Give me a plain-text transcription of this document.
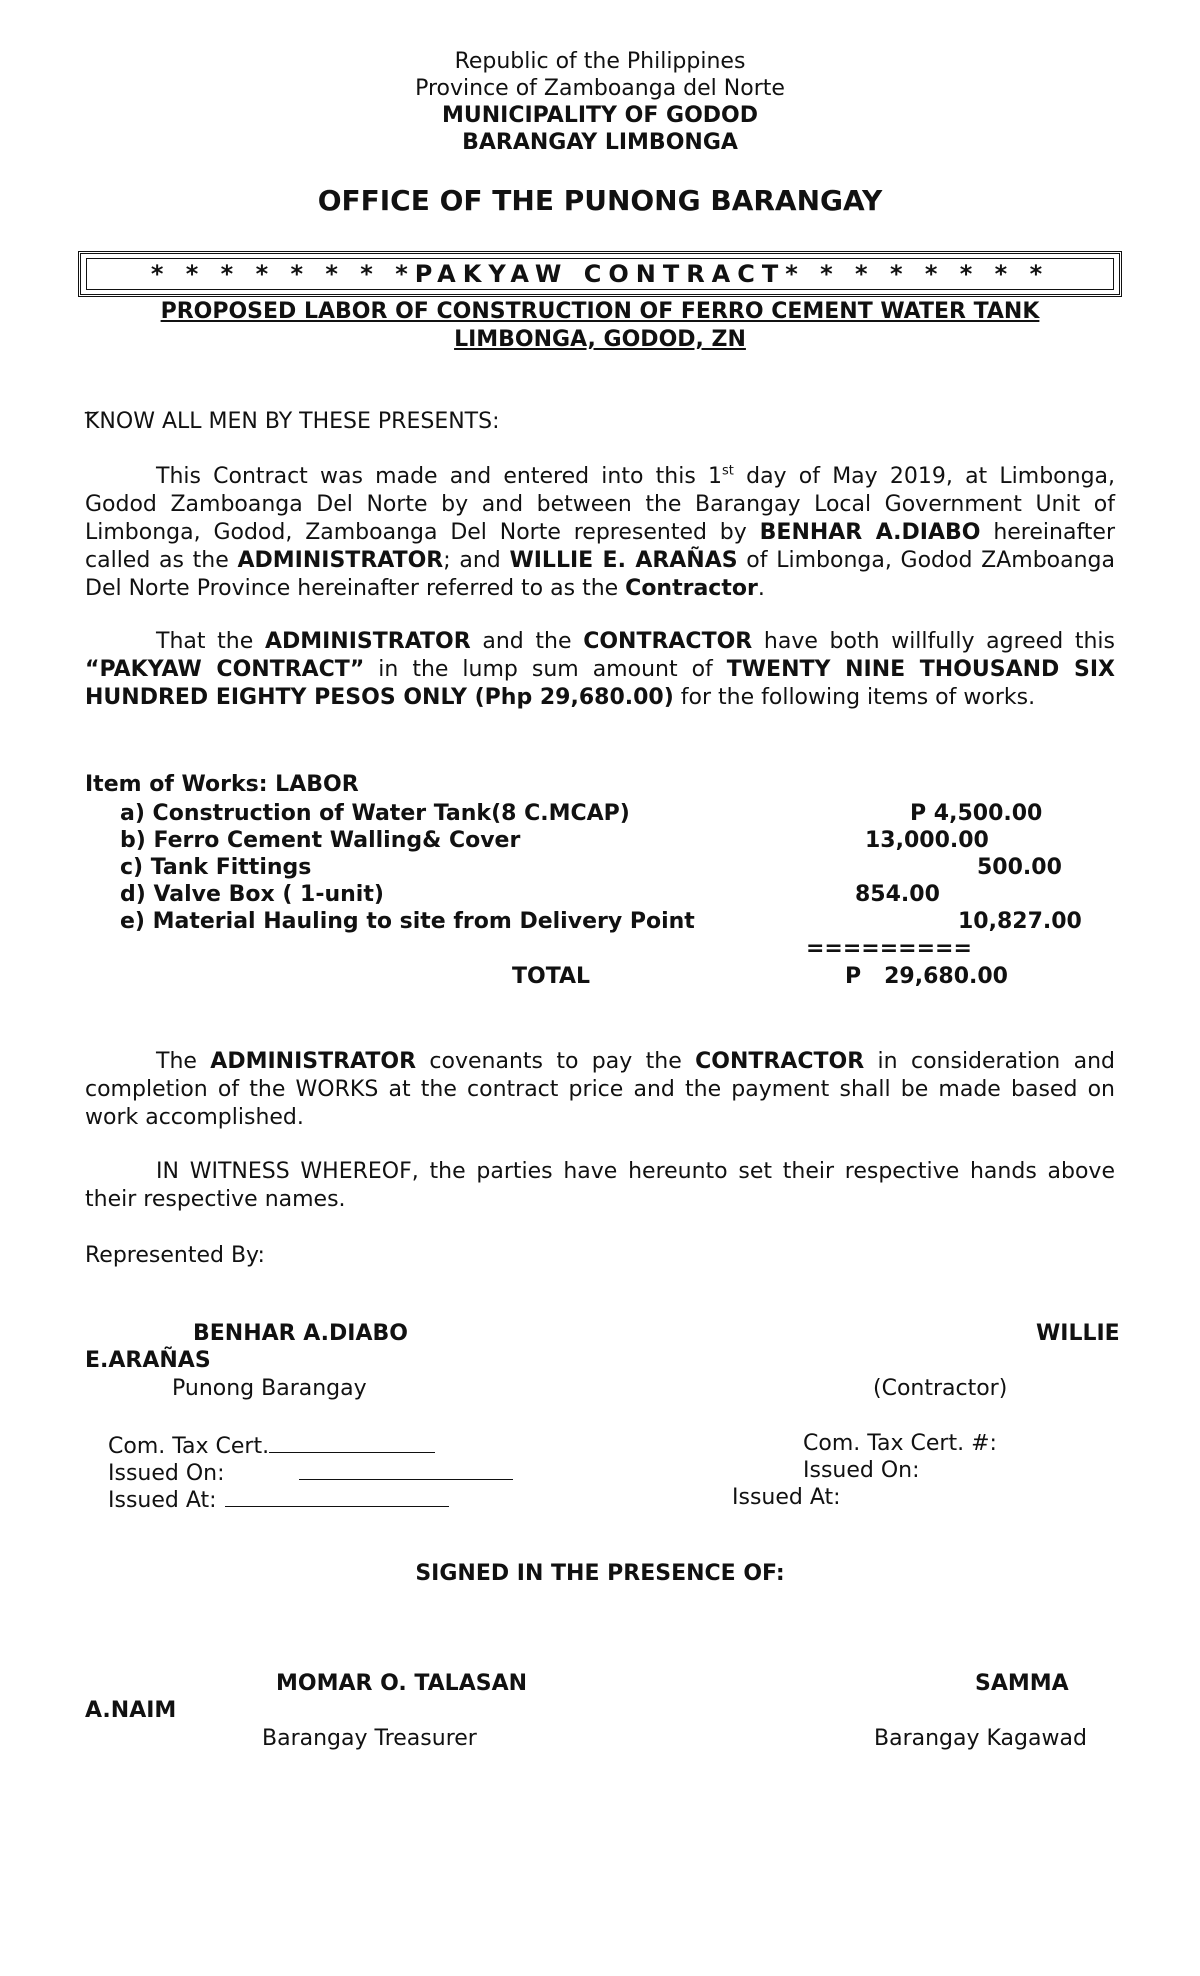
Republic of the Philippines
Province of Zamboanga del Norte
MUNICIPALITY OF GODOD
BARANGAY LIMBONGA
OFFICE OF THE PUNONG BARANGAY
* * * * * * * *PAKYAW CONTRACT* * * * * * * *
PROPOSED LABOR OF CONSTRUCTION OF FERRO CEMENT WATER TANK
LIMBONGA, GODOD, ZN
_
KNOW ALL MEN BY THESE PRESENTS:
This Contract was made and entered into this 1st day of May 2019, at Limbonga, Godod Zamboanga Del Norte by and between the Barangay Local Government Unit of Limbonga, Godod, Zamboanga Del Norte represented by BENHAR A.DIABO hereinafter called as the ADMINISTRATOR; and WILLIE E. ARAÑAS of Limbonga, Godod ZAmboanga Del Norte Province hereinafter referred to as the Contractor.
That the ADMINISTRATOR and the CONTRACTOR have both willfully agreed this “PAKYAW CONTRACT” in the lump sum amount of TWENTY NINE THOUSAND SIX HUNDRED EIGHTY PESOS ONLY (Php 29,680.00) for the following items of works.
Item of Works: LABOR
a) Construction of Water Tank(8 C.MCAP)	P 4,500.00
b) Ferro Cement Walling& Cover	13,000.00
c) Tank Fittings	500.00
d) Valve Box ( 1-unit)	854.00
e) Material Hauling to site from Delivery Point	10,827.00
=========
TOTAL	P   29,680.00
The ADMINISTRATOR covenants to pay the CONTRACTOR in consideration and completion of the WORKS at the contract price and the payment shall be made based on work accomplished.
IN WITNESS WHEREOF, the parties have hereunto set their respective hands above their respective names.
Represented By:
BENHAR A.DIABO	WILLIE
E.ARAÑAS
Punong Barangay	(Contractor)
Com. Tax Cert.
Issued On:
Issued At:
Com. Tax Cert. #:
Issued On:
Issued At:
SIGNED IN THE PRESENCE OF:
MOMAR O. TALASAN	SAMMA
A.NAIM
Barangay Treasurer	Barangay Kagawad
